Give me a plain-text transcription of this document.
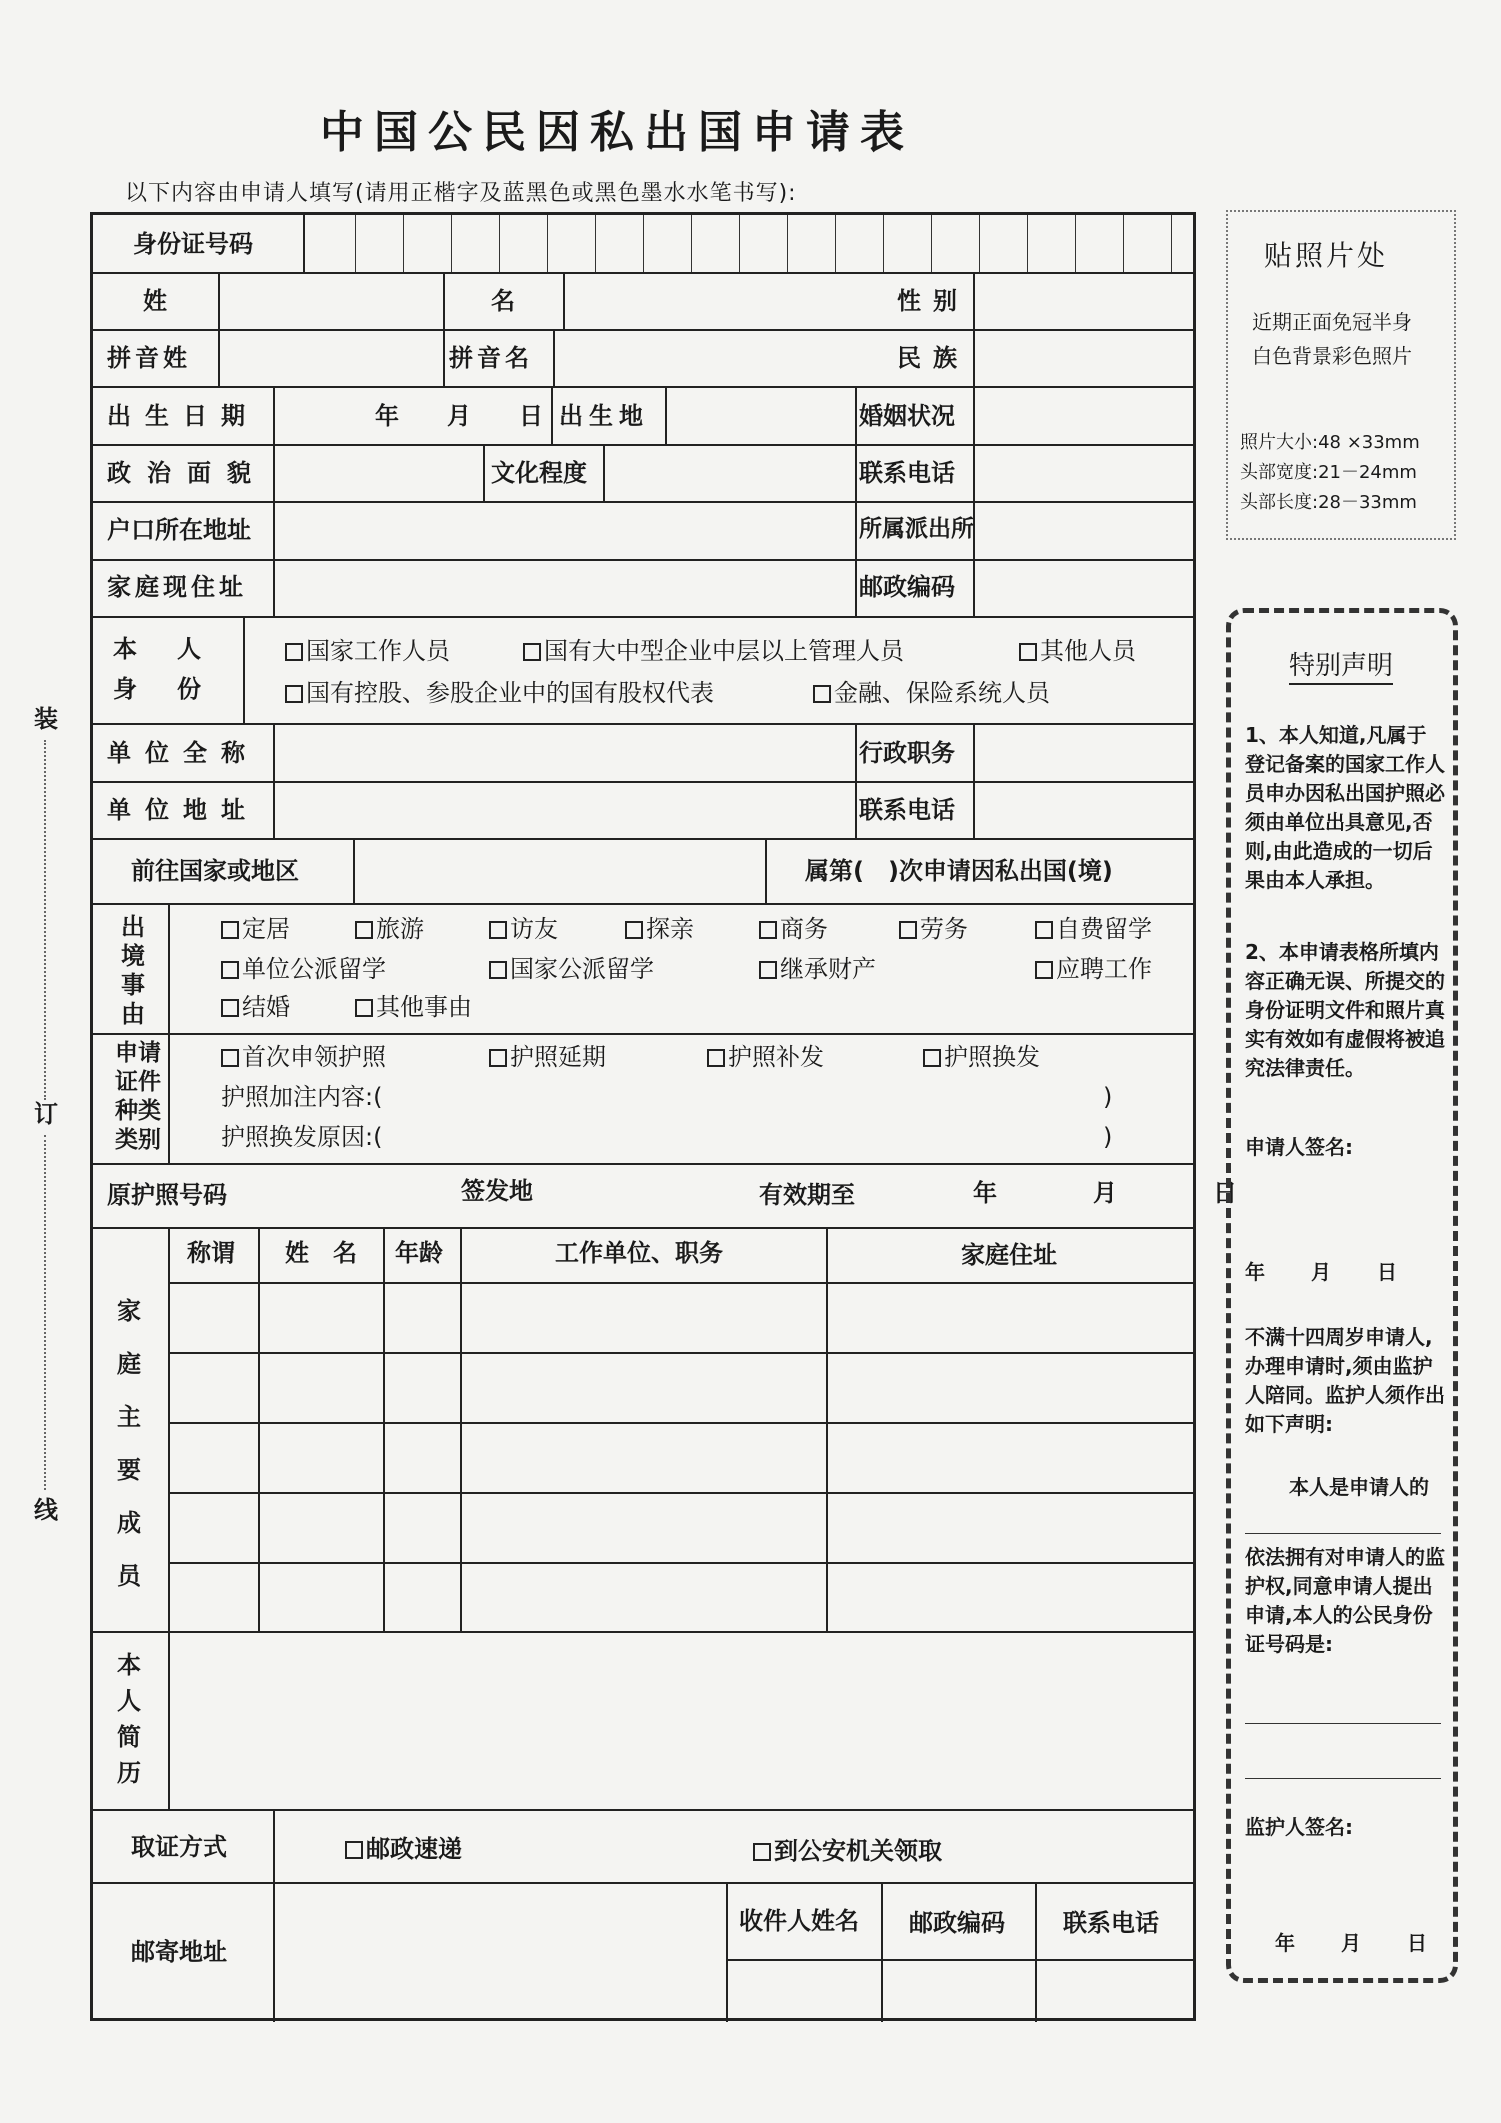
中国公民因私出国申请表
以下内容由申请人填写(请用正楷字及蓝黑色或黑色墨水水笔书写):
装
订
线
身份证号码
姓	名	性别
拼音姓	拼音名	民族
出生日期	年　　月　　日 出生地	婚姻状况
政治面貌	文化程度	联系电话
户口所在地址	所属派出所
家庭现住址	邮政编码
本　人
身　份
国家工作人员	国有大中型企业中层以上管理人员	其他人员
国有控股、参股企业中的国有股权代表	金融、保险系统人员
单位全称	行政职务
单位地址	联系电话
前往国家或地区	属第(　)次申请因私出国(境)
出境事由
定居	旅游	访友	探亲	商务	劳务	自费留学
单位公派留学	国家公派留学	继承财产	应聘工作
结婚	其他事由
申请证件种类类别
首次申领护照	护照延期	护照补发	护照换发
护照加注内容:(	)
护照换发原因:(	)
原护照号码	签发地	有效期至	年　　月　　日
称谓 姓　名 年龄	工作单位、职务	家庭住址
家庭主要成员
本人简历
取证方式	邮政速递	到公安机关领取
邮寄地址
收件人姓名 邮政编码 联系电话
贴照片处
近期正面免冠半身
白色背景彩色照片
照片大小:48 ×33mm
头部宽度:21－24mm
头部长度:28－33mm
特别声明
1、本人知道,凡属于登记备案的国家工作人员申办因私出国护照必须由单位出具意见,否则,由此造成的一切后果由本人承担。
2、本申请表格所填内容正确无误、所提交的身份证明文件和照片真实有效如有虚假将被追究法律责任。
申请人签名:
年　　月　　日
不满十四周岁申请人,办理申请时,须由监护人陪同。监护人须作出如下声明:
本人是申请人的
依法拥有对申请人的监护权,同意申请人提出申请,本人的公民身份证号码是:
监护人签名:
年　　月　　日
